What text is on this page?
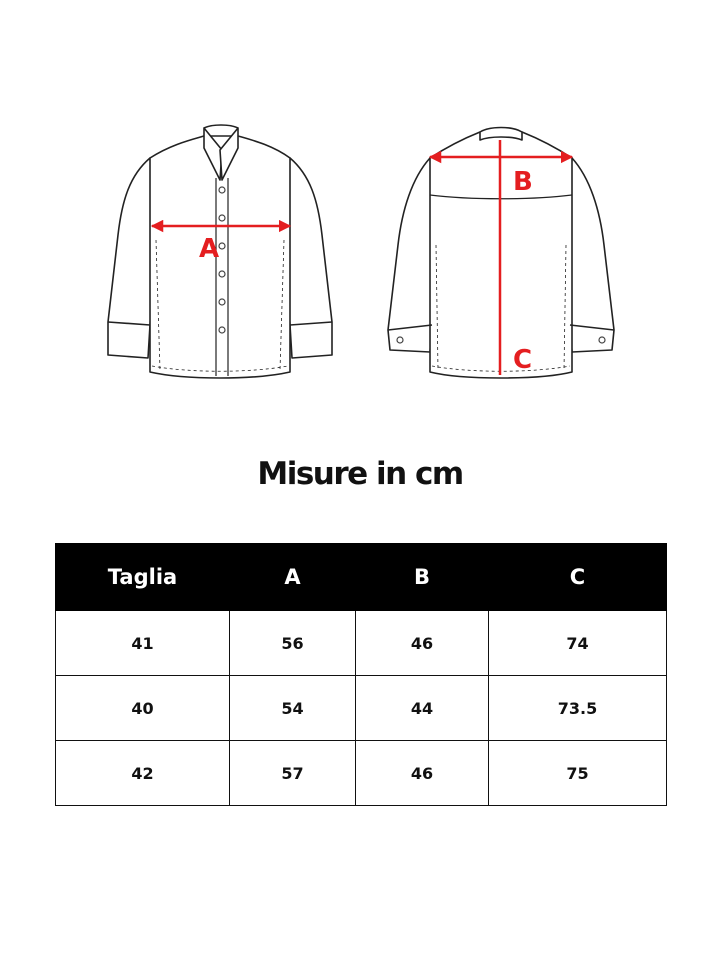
A
B
C
Misure in cm
Taglia	A	B	C
41	56	46	74
40	54	44	73.5
42	57	46	75
